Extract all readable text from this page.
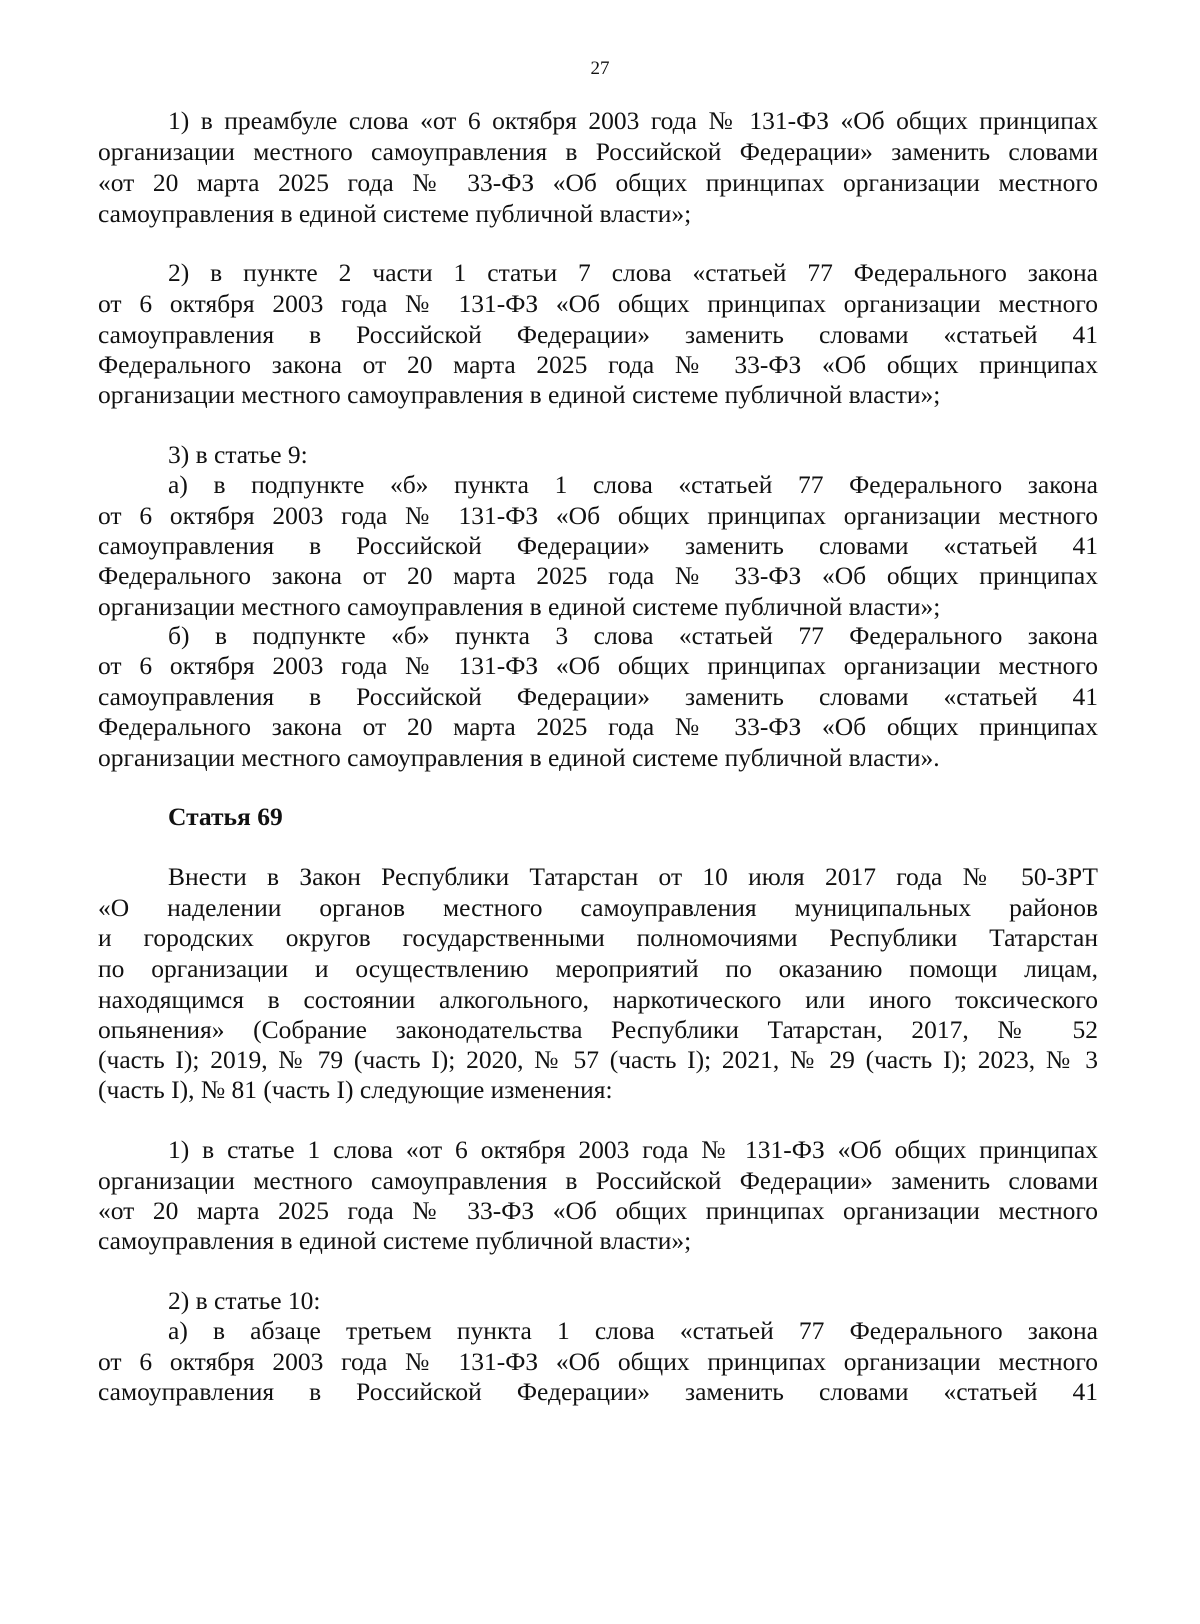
27
1) в преамбуле слова «от 6 октября 2003 года № 131-ФЗ «Об общих принципах
организации местного самоуправления в Российской Федерации» заменить словами
«от 20 марта 2025 года № 33-ФЗ «Об общих принципах организации местного
самоуправления в единой системе публичной власти»;
2) в пункте 2 части 1 статьи 7 слова «статьей 77 Федерального закона
от 6 октября 2003 года № 131-ФЗ «Об общих принципах организации местного
самоуправления в Российской Федерации» заменить словами «статьей 41
Федерального закона от 20 марта 2025 года № 33-ФЗ «Об общих принципах
организации местного самоуправления в единой системе публичной власти»;
3) в статье 9:
а) в подпункте «б» пункта 1 слова «статьей 77 Федерального закона
от 6 октября 2003 года № 131-ФЗ «Об общих принципах организации местного
самоуправления в Российской Федерации» заменить словами «статьей 41
Федерального закона от 20 марта 2025 года № 33-ФЗ «Об общих принципах
организации местного самоуправления в единой системе публичной власти»;
б) в подпункте «б» пункта 3 слова «статьей 77 Федерального закона
от 6 октября 2003 года № 131-ФЗ «Об общих принципах организации местного
самоуправления в Российской Федерации» заменить словами «статьей 41
Федерального закона от 20 марта 2025 года № 33-ФЗ «Об общих принципах
организации местного самоуправления в единой системе публичной власти».
Статья 69
Внести в Закон Республики Татарстан от 10 июля 2017 года № 50-ЗРТ
«О наделении органов местного самоуправления муниципальных районов
и городских округов государственными полномочиями Республики Татарстан
по организации и осуществлению мероприятий по оказанию помощи лицам,
находящимся в состоянии алкогольного, наркотического или иного токсического
опьянения» (Собрание законодательства Республики Татарстан, 2017, № 52
(часть I); 2019, № 79 (часть I); 2020, № 57 (часть I); 2021, № 29 (часть I); 2023, № 3
(часть I), № 81 (часть I) следующие изменения:
1) в статье 1 слова «от 6 октября 2003 года № 131-ФЗ «Об общих принципах
организации местного самоуправления в Российской Федерации» заменить словами
«от 20 марта 2025 года № 33-ФЗ «Об общих принципах организации местного
самоуправления в единой системе публичной власти»;
2) в статье 10:
а) в абзаце третьем пункта 1 слова «статьей 77 Федерального закона
от 6 октября 2003 года № 131-ФЗ «Об общих принципах организации местного
самоуправления в Российской Федерации» заменить словами «статьей 41
